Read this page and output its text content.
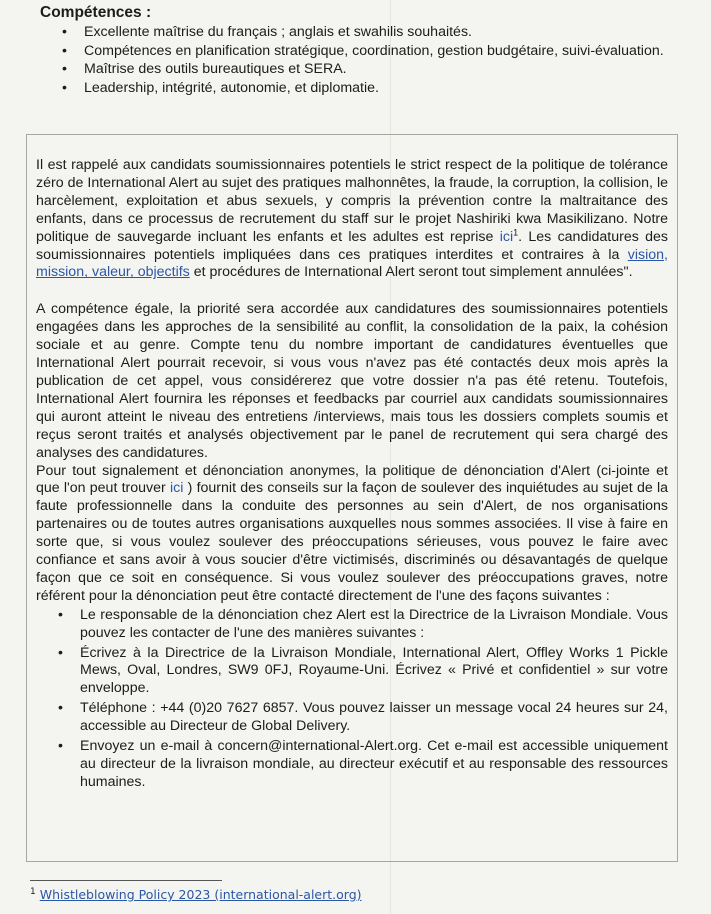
Compétences :
• Excellente maîtrise du français ; anglais et swahilis souhaités.
• Compétences en planification stratégique, coordination, gestion budgétaire, suivi-évaluation.
• Maîtrise des outils bureautiques et SERA.
• Leadership, intégrité, autonomie, et diplomatie.

Il est rappelé aux candidats soumissionnaires potentiels le strict respect de la politique de tolérance zéro de International Alert au sujet des pratiques malhonnêtes, la fraude, la corruption, la collision, le harcèlement, exploitation et abus sexuels, y compris la prévention contre la maltraitance des enfants, dans ce processus de recrutement du staff sur le projet Nashiriki kwa Masikilizano. Notre politique de sauvegarde incluant les enfants et les adultes est reprise ici$^1$. Les candidatures des soumissionnaires potentiels impliquées dans ces pratiques interdites et contraires à la vision, mission, valeur, objectifs et procédures de International Alert seront tout simplement annulées".

A compétence égale, la priorité sera accordée aux candidatures des soumissionnaires potentiels engagées dans les approches de la sensibilité au conflit, la consolidation de la paix, la cohésion sociale et au genre. Compte tenu du nombre important de candidatures éventuelles que International Alert pourrait recevoir, si vous vous n'avez pas été contactés deux mois après la publication de cet appel, vous considérerez que votre dossier n'a pas été retenu. Toutefois, International Alert fournira les réponses et feedbacks par courriel aux candidats soumissionnaires qui auront atteint le niveau des entretiens /interviews, mais tous les dossiers complets soumis et reçus seront traités et analysés objectivement par le panel de recrutement qui sera chargé des analyses des candidatures.

Pour tout signalement et dénonciation anonymes, la politique de dénonciation d'Alert (ci-jointe et que l'on peut trouver ici ) fournit des conseils sur la façon de soulever des inquiétudes au sujet de la faute professionnelle dans la conduite des personnes au sein d'Alert, de nos organisations partenaires ou de toutes autres organisations auxquelles nous sommes associées. Il vise à faire en sorte que, si vous voulez soulever des préoccupations sérieuses, vous pouvez le faire avec confiance et sans avoir à vous soucier d'être victimisés, discriminés ou désavantagés de quelque façon que ce soit en conséquence. Si vous voulez soulever des préoccupations graves, notre référent pour la dénonciation peut être contacté directement de l'une des façons suivantes :

• Le responsable de la dénonciation chez Alert est la Directrice de la Livraison Mondiale. Vous pouvez les contacter de l'une des manières suivantes :
• Écrivez à la Directrice de la Livraison Mondiale, International Alert, Offley Works 1 Pickle Mews, Oval, Londres, SW9 0FJ, Royaume-Uni. Écrivez « Privé et confidentiel » sur votre enveloppe.
• Téléphone : +44 (0)20 7627 6857. Vous pouvez laisser un message vocal 24 heures sur 24, accessible au Directeur de Global Delivery.
• Envoyez un e-mail à concern@international-Alert.org. Cet e-mail est accessible uniquement au directeur de la livraison mondiale, au directeur exécutif et au responsable des ressources humaines.
$^1$ Whistleblowing Policy 2023 (international-alert.org)
